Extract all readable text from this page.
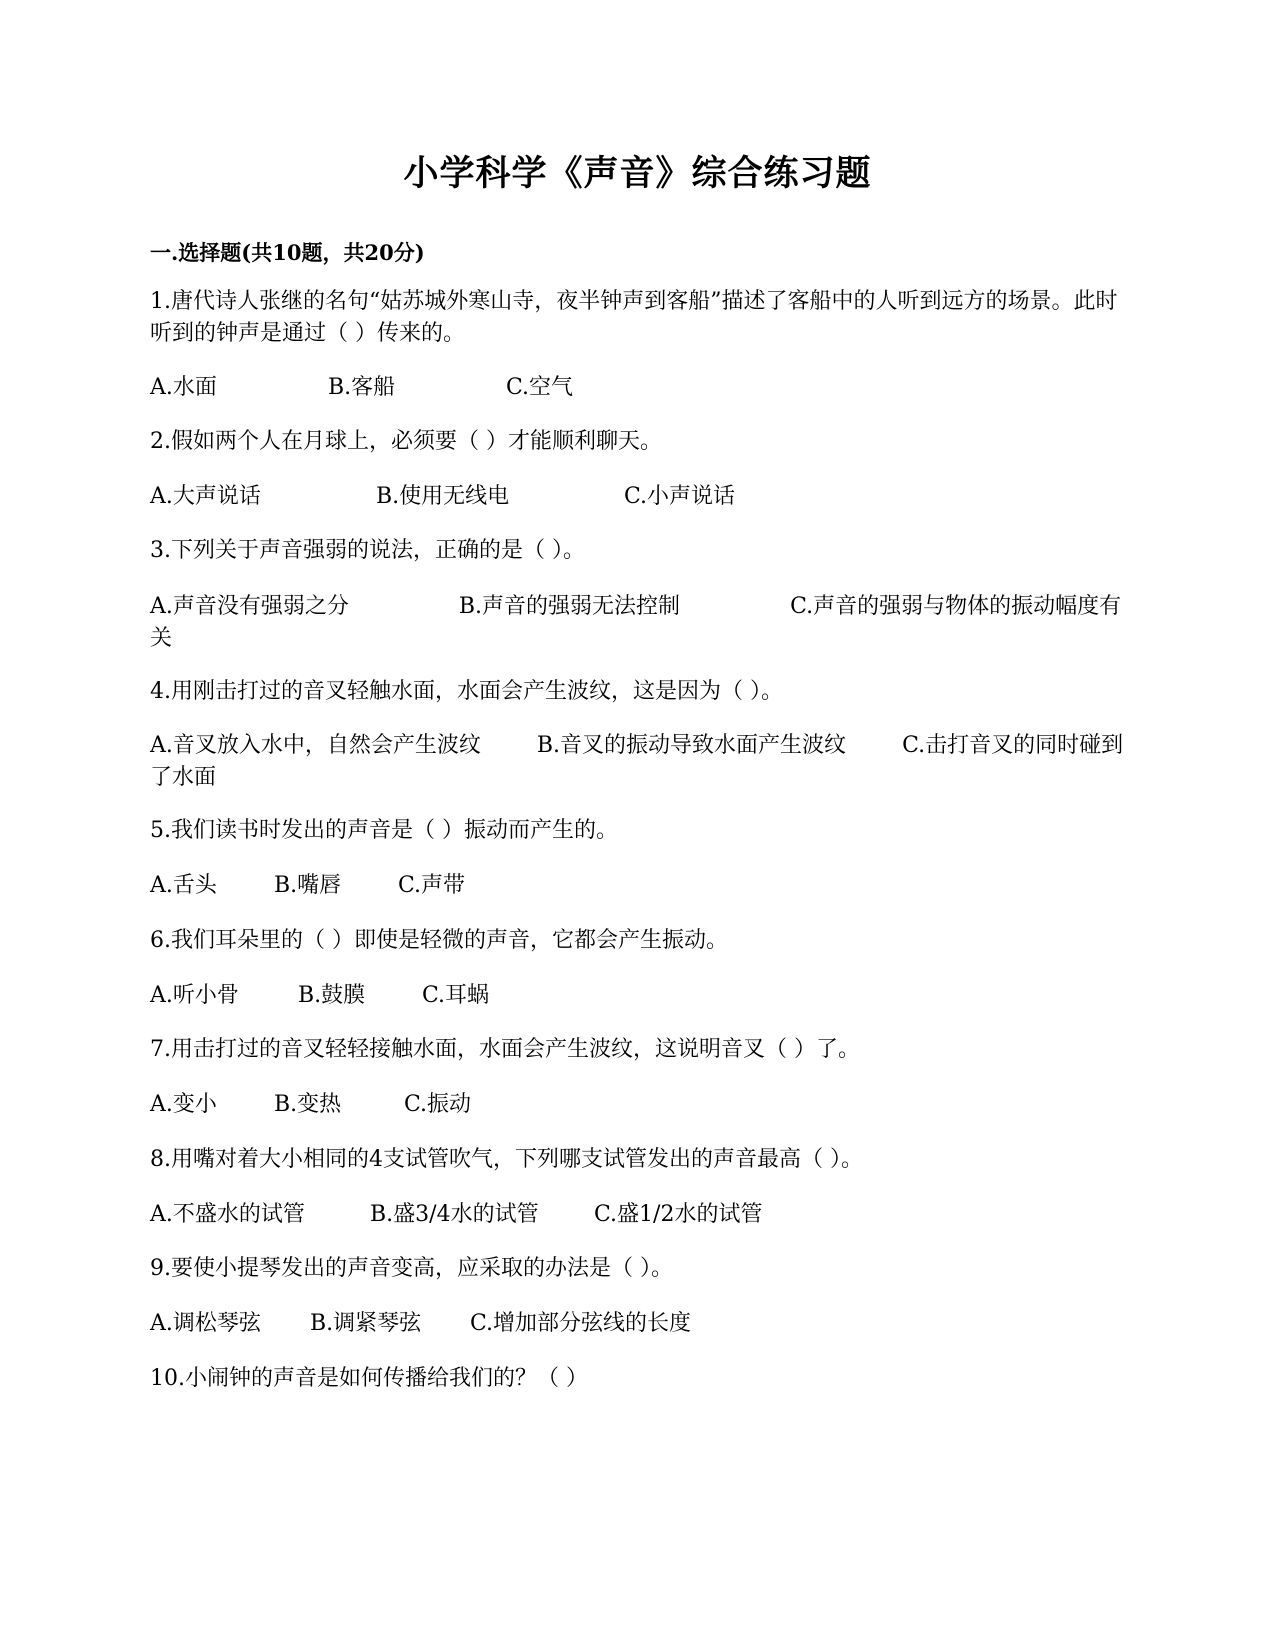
小学科学《声音》综合练习题
一.选择题(共10题，共20分)
1.唐代诗人张继的名句“姑苏城外寒山寺，夜半钟声到客船”描述了客船中的人听到远方的场景。此时听到的钟声是通过（ ）传来的。
A.水面	B.客船	C.空气
2.假如两个人在月球上，必须要（ ）才能顺利聊天。
A.大声说话	B.使用无线电	C.小声说话
3.下列关于声音强弱的说法，正确的是（ ）。
A.声音没有强弱之分	B.声音的强弱无法控制	C.声音的强弱与物体的振动幅度有关
4.用刚击打过的音叉轻触水面，水面会产生波纹，这是因为（ ）。
A.音叉放入水中，自然会产生波纹	B.音叉的振动导致水面产生波纹	C.击打音叉的同时碰到了水面
5.我们读书时发出的声音是（ ）振动而产生的。
A.舌头	B.嘴唇	C.声带
6.我们耳朵里的（ ）即使是轻微的声音，它都会产生振动。
A.听小骨	B.鼓膜	C.耳蜗
7.用击打过的音叉轻轻接触水面，水面会产生波纹，这说明音叉（ ）了。
A.变小	B.变热	C.振动
8.用嘴对着大小相同的4支试管吹气，下列哪支试管发出的声音最高（ ）。
A.不盛水的试管	B.盛3/4水的试管	C.盛1/2水的试管
9.要使小提琴发出的声音变高，应采取的办法是（ ）。
A.调松琴弦 B.调紧琴弦 C.增加部分弦线的长度
10.小闹钟的声音是如何传播给我们的？（ ）
